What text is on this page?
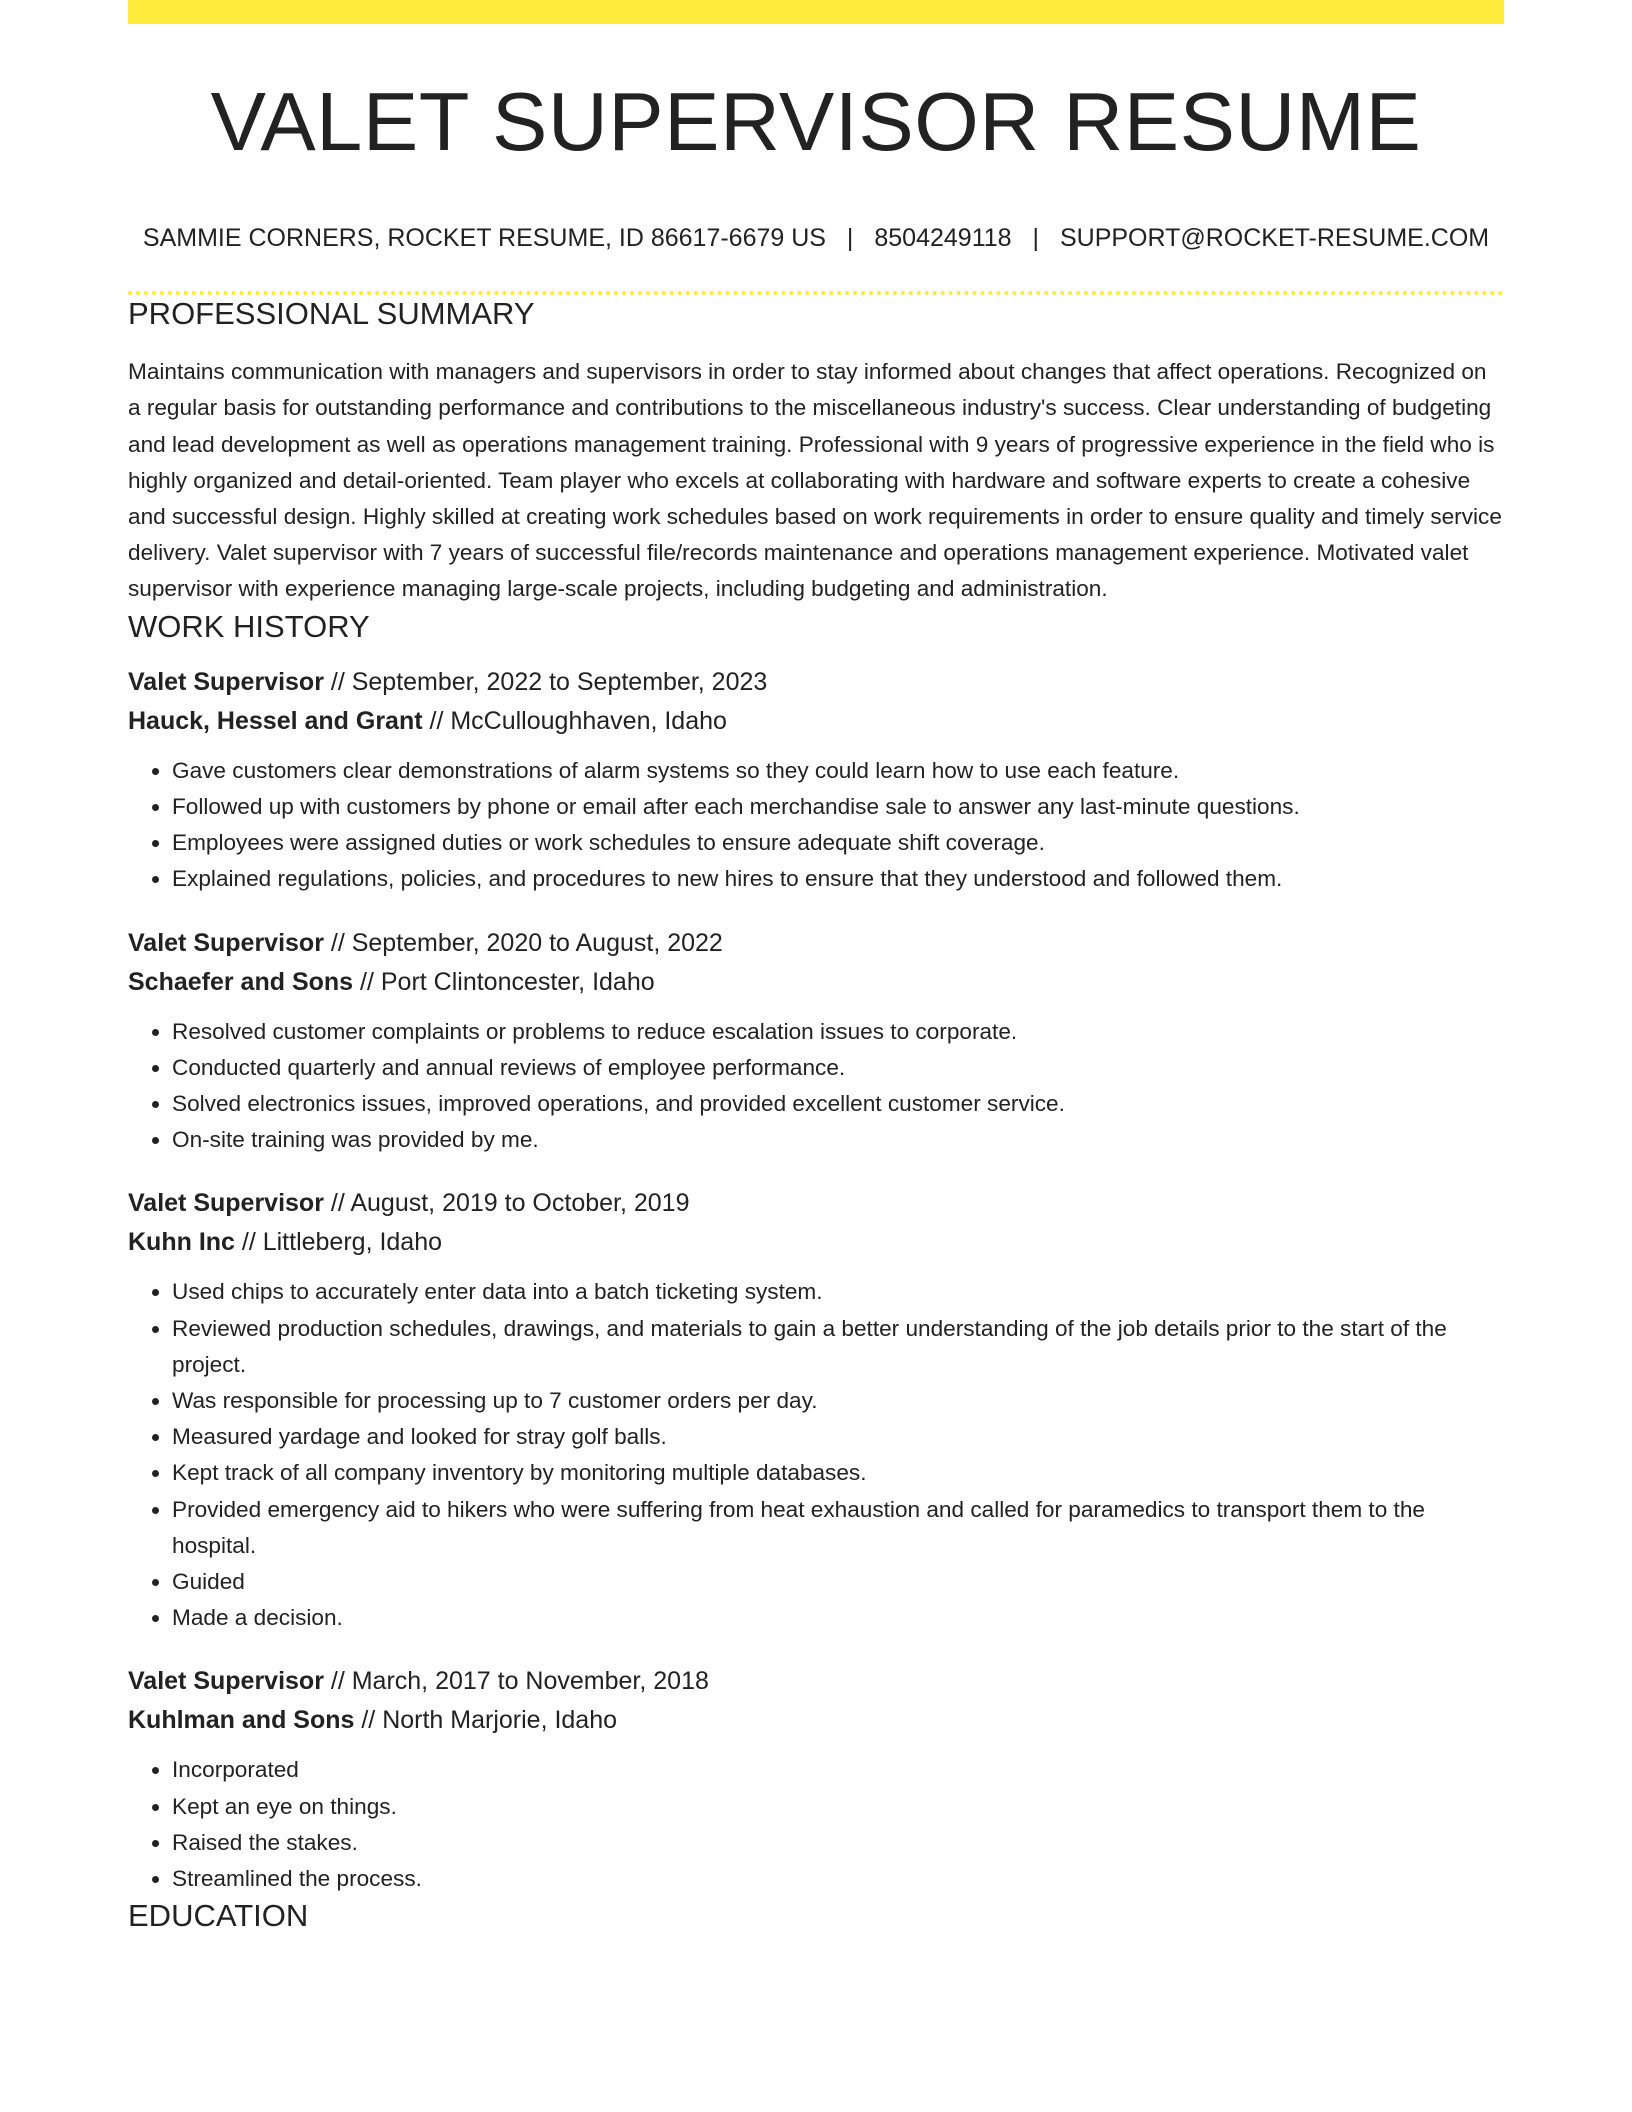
VALET SUPERVISOR RESUME
SAMMIE CORNERS, ROCKET RESUME, ID 86617-6679 US | 8504249118 | SUPPORT@ROCKET-RESUME.COM
PROFESSIONAL SUMMARY

Maintains communication with managers and supervisors in order to stay informed about changes that affect operations. Recognized on a regular basis for outstanding performance and contributions to the miscellaneous industry's success. Clear understanding of budgeting and lead development as well as operations management training. Professional with 9 years of progressive experience in the field who is highly organized and detail-oriented. Team player who excels at collaborating with hardware and software experts to create a cohesive and successful design. Highly skilled at creating work schedules based on work requirements in order to ensure quality and timely service delivery. Valet supervisor with 7 years of successful file/records maintenance and operations management experience. Motivated valet supervisor with experience managing large-scale projects, including budgeting and administration.

WORK HISTORY
Valet Supervisor // September, 2022 to September, 2023
Hauck, Hessel and Grant // McCulloughhaven, Idaho
• Gave customers clear demonstrations of alarm systems so they could learn how to use each feature.
• Followed up with customers by phone or email after each merchandise sale to answer any last-minute questions.
• Employees were assigned duties or work schedules to ensure adequate shift coverage.
• Explained regulations, policies, and procedures to new hires to ensure that they understood and followed them.
Valet Supervisor // September, 2020 to August, 2022
Schaefer and Sons // Port Clintoncester, Idaho
• Resolved customer complaints or problems to reduce escalation issues to corporate.
• Conducted quarterly and annual reviews of employee performance.
• Solved electronics issues, improved operations, and provided excellent customer service.
• On-site training was provided by me.
Valet Supervisor // August, 2019 to October, 2019
Kuhn Inc // Littleberg, Idaho
• Used chips to accurately enter data into a batch ticketing system.
• Reviewed production schedules, drawings, and materials to gain a better understanding of the job details prior to the start of the project.
• Was responsible for processing up to 7 customer orders per day.
• Measured yardage and looked for stray golf balls.
• Kept track of all company inventory by monitoring multiple databases.
• Provided emergency aid to hikers who were suffering from heat exhaustion and called for paramedics to transport them to the hospital.
• Guided
• Made a decision.
Valet Supervisor // March, 2017 to November, 2018
Kuhlman and Sons // North Marjorie, Idaho
• Incorporated
• Kept an eye on things.
• Raised the stakes.
• Streamlined the process.
EDUCATION
